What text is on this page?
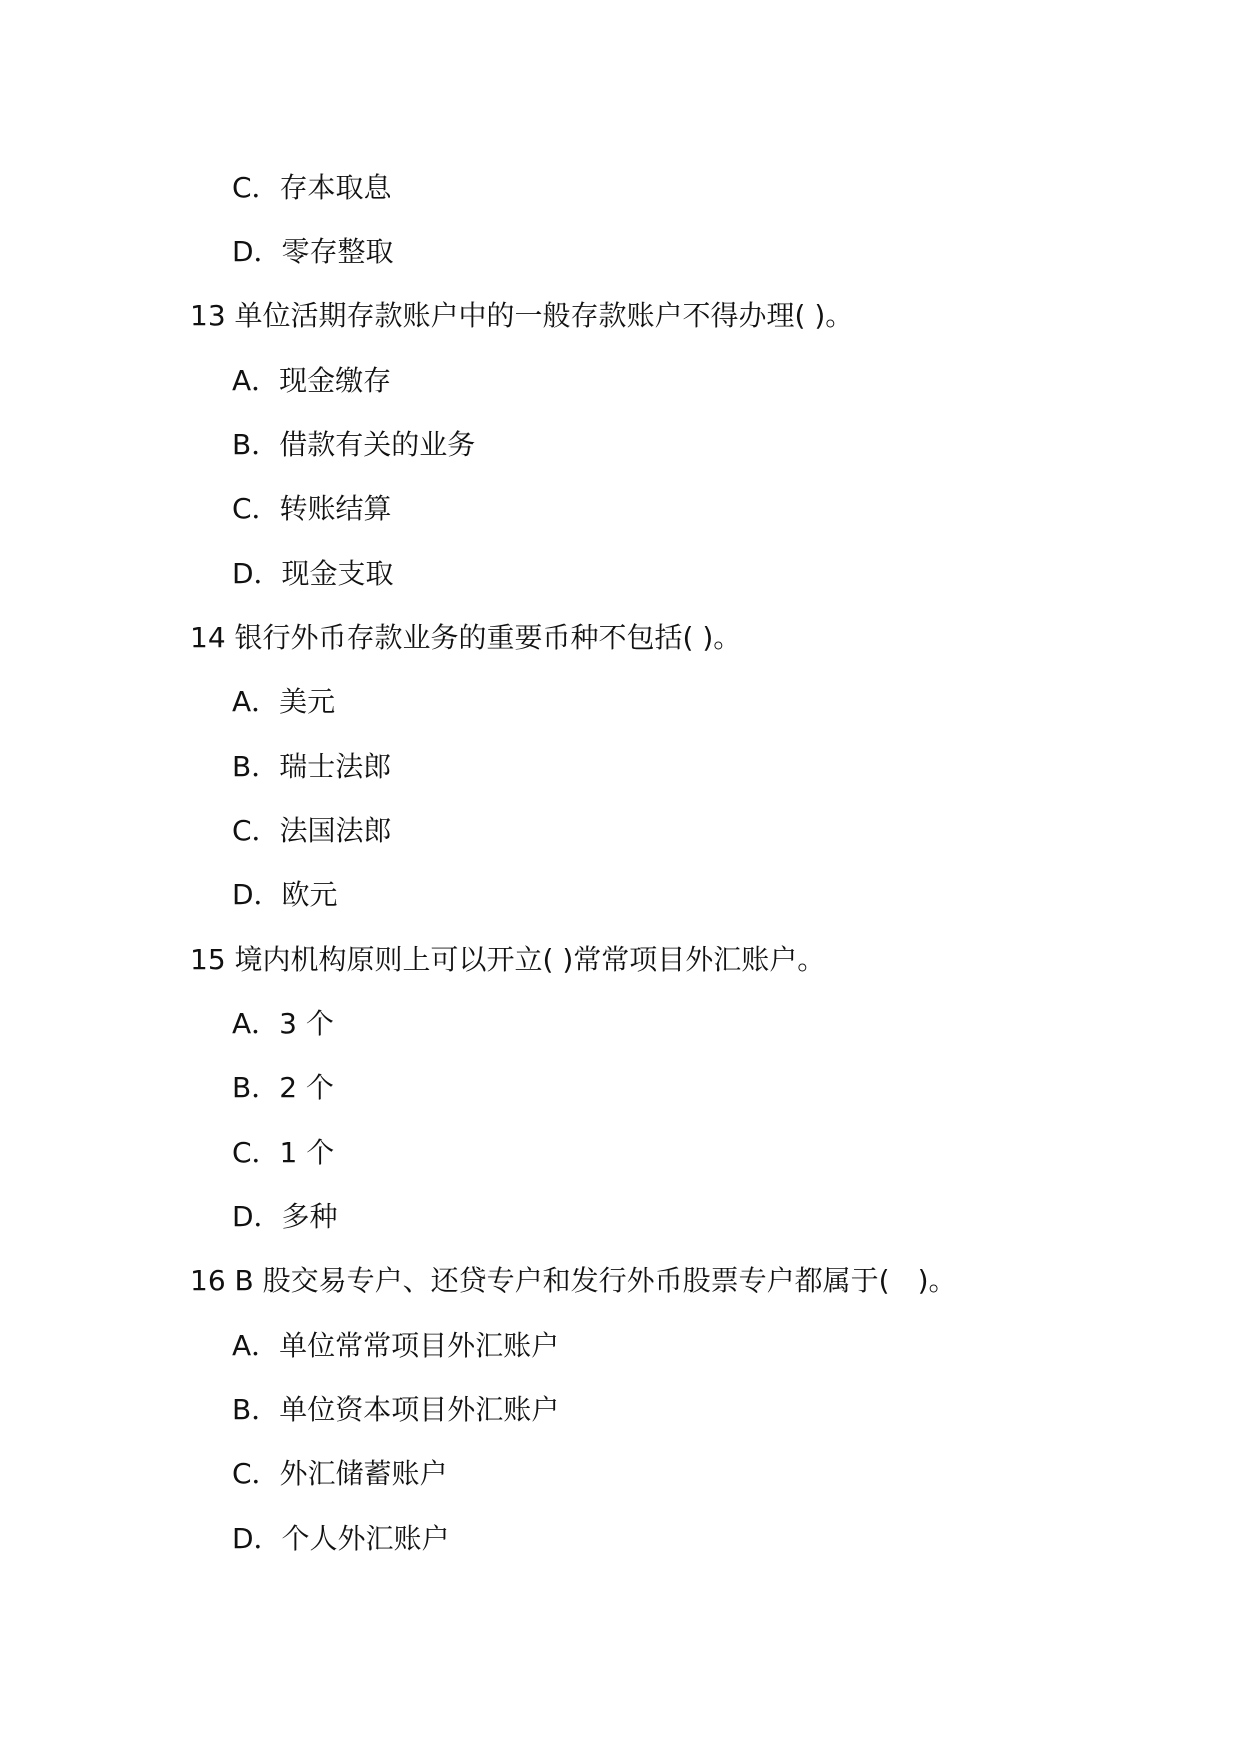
C．存本取息
D．零存整取
13 单位活期存款账户中的一般存款账户不得办理( )。
A．现金缴存
B．借款有关的业务
C．转账结算
D．现金支取
14 银行外币存款业务的重要币种不包括( )。
A．美元
B．瑞士法郎
C．法国法郎
D．欧元
15 境内机构原则上可以开立( )常常项目外汇账户。
A．3 个
B．2 个
C．1 个
D．多种
16 B 股交易专户、还贷专户和发行外币股票专户都属于(　)。
A．单位常常项目外汇账户
B．单位资本项目外汇账户
C．外汇储蓄账户
D．个人外汇账户
